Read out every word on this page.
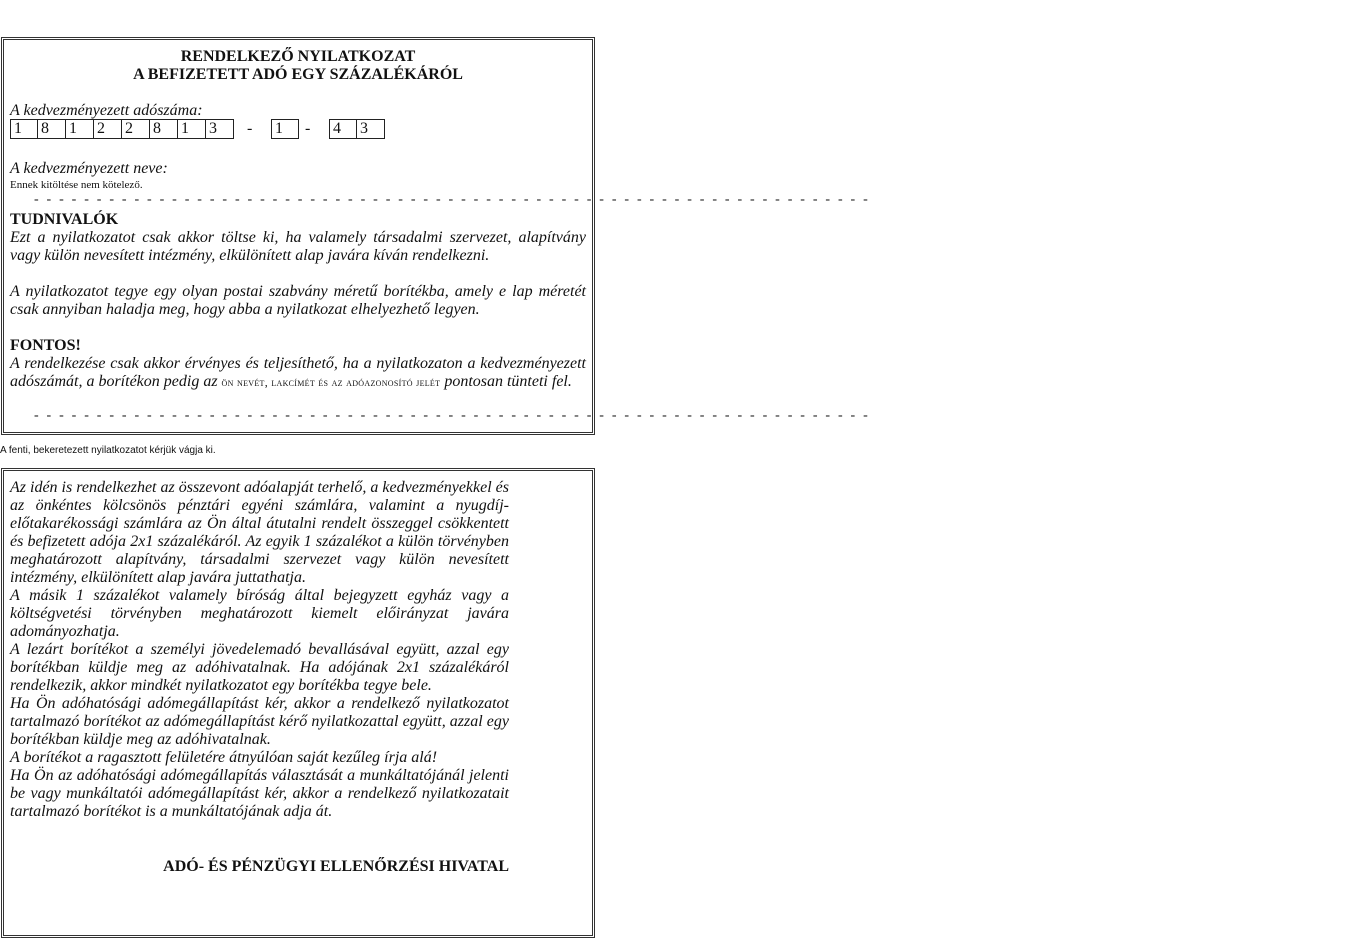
RENDELKEZŐ NYILATKOZAT
A BEFIZETETT ADÓ EGY SZÁZALÉKÁRÓL
A kedvezményezett adószáma:
1	8	1	2	2	8	1	3	- 1	- 4	3
A kedvezményezett neve:
Ennek kitöltése nem kötelező.
- - - - - - - - - - - - - - - - - - - - - - - - - - - - - - - - - - - - - - - - - - - - - - - - - - - - - - - - - - - - - - - - - - -
TUDNIVALÓK
Ezt a nyilatkozatot csak akkor töltse ki, ha valamely társadalmi szervezet, alapítvány vagy külön nevesített intézmény, elkülönített alap javára kíván rendelkezni.
A nyilatkozatot tegye egy olyan postai szabvány méretű borítékba, amely e lap méretét csak annyiban haladja meg, hogy abba a nyilatkozat elhelyezhető legyen.
FONTOS!
A rendelkezése csak akkor érvényes és teljesíthető, ha a nyilatkozaton a kedvezményezett adószámát, a borítékon pedig az ön nevét, lakcímét és az adóazonosító jelét pontosan tünteti fel.
- - - - - - - - - - - - - - - - - - - - - - - - - - - - - - - - - - - - - - - - - - - - - - - - - - - - - - - - - - - - - - - - - - -
A fenti, bekeretezett nyilatkozatot kérjük vágja ki.

Az idén is rendelkezhet az összevont adóalapját terhelő, a kedvezményekkel és az önkéntes kölcsönös pénztári egyéni számlára, valamint a nyugdíj-előtakarékossági számlára az Ön által átutalni rendelt összeggel csökkentett és befizetett adója 2x1 százalékáról. Az egyik 1 százalékot a külön törvényben meghatározott alapítvány, társadalmi szervezet vagy külön nevesített intézmény, elkülönített alap javára juttathatja.

A másik 1 százalékot valamely bíróság által bejegyzett egyház vagy a költségvetési törvényben meghatározott kiemelt előirányzat javára adományozhatja.

A lezárt borítékot a személyi jövedelemadó bevallásával együtt, azzal egy borítékban küldje meg az adóhivatalnak. Ha adójának 2x1 százalékáról rendelkezik, akkor mindkét nyilatkozatot egy borítékba tegye bele.

Ha Ön adóhatósági adómegállapítást kér, akkor a rendelkező nyilatkozatot tartalmazó borítékot az adómegállapítást kérő nyilatkozattal együtt, azzal egy borítékban küldje meg az adóhivatalnak.

A borítékot a ragasztott felületére átnyúlóan saját kezűleg írja alá!

Ha Ön az adóhatósági adómegállapítás választását a munkáltatójánál jelenti be vagy munkáltatói adómegállapítást kér, akkor a rendelkező nyilatkozatait tartalmazó borítékot is a munkáltatójának adja át.

ADÓ- ÉS PÉNZÜGYI ELLENŐRZÉSI HIVATAL
